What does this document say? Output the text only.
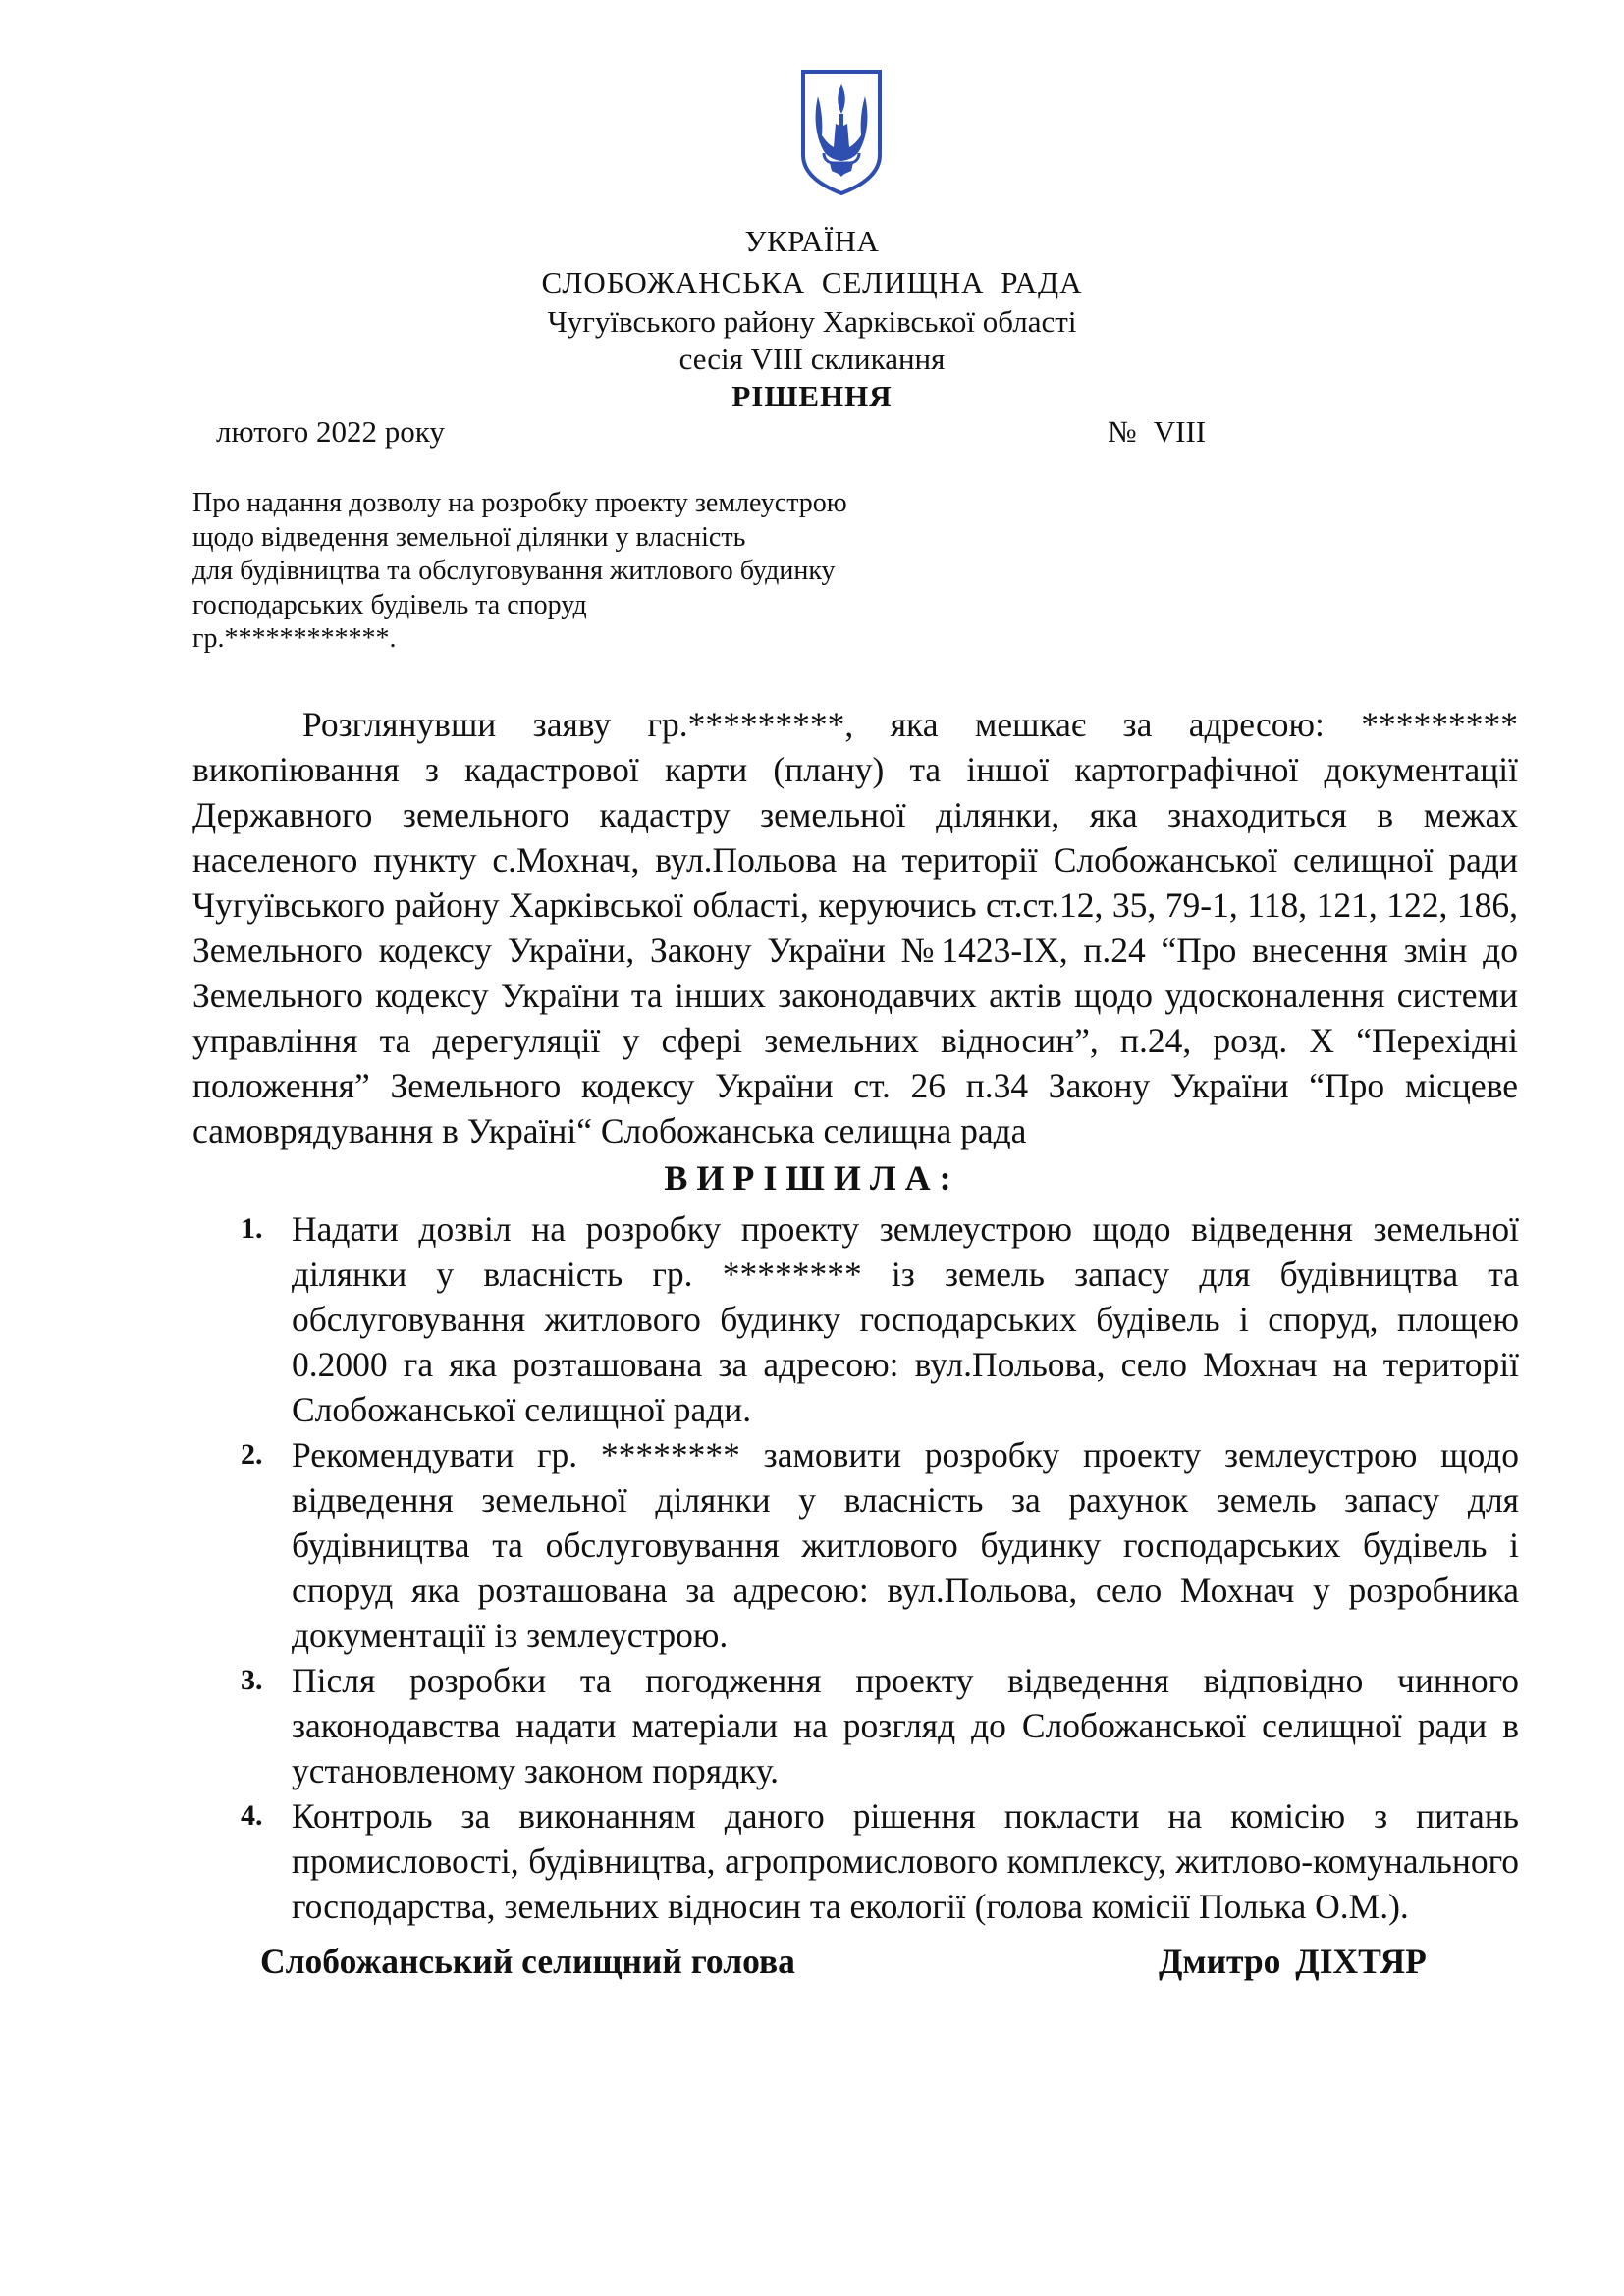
УКРАЇНА
СЛОБОЖАНСЬКА СЕЛИЩНА РАДА
Чугуївського району Харківської області
сесія VIII скликання
РІШЕННЯ
лютого 2022 року	№ VIII
Про надання дозволу на розробку проекту землеустрою
щодо відведення земельної ділянки у власність
для будівництва та обслуговування житлового будинку
господарських будівель та споруд
гр.************.

Розглянувши заяву гр.*********, яка мешкає за адресою: ********* викопіювання з кадастрової карти (плану) та іншої картографічної документації Державного земельного кадастру земельної ділянки, яка знаходиться в межах населеного пункту с.Мохнач, вул.Польова на території Слобожанської селищної ради Чугуївського району Харківської області, керуючись ст.ст.12, 35, 79-1, 118, 121, 122, 186, Земельного кодексу України, Закону України №1423-IX, п.24 “Про внесення змін до Земельного кодексу України та інших законодавчих актів щодо удосконалення системи управління та дерегуляції у сфері земельних відносин”, п.24, розд. Х “Перехідні положення” Земельного кодексу України ст. 26 п.34 Закону України “Про місцеве самоврядування в Україні“ Слобожанська селищна рада

ВИРІШИЛА:
1. Надати дозвіл на розробку проекту землеустрою щодо відведення земельної ділянки у власність гр. ******** із земель запасу для будівництва та обслуговування житлового будинку господарських будівель і споруд, площею 0.2000 га яка розташована за адресою: вул.Польова, село Мохнач на території Слобожанської селищної ради.
2. Рекомендувати гр. ******** замовити розробку проекту землеустрою щодо відведення земельної ділянки у власність за рахунок земель запасу для будівництва та обслуговування житлового будинку господарських будівель і споруд яка розташована за адресою: вул.Польова, село Мохнач у розробника документації із землеустрою.
3. Після розробки та погодження проекту відведення відповідно чинного законодавства надати матеріали на розгляд до Слобожанської селищної ради в установленому законом порядку.
4. Контроль за виконанням даного рішення покласти на комісію з питань промисловості, будівництва, агропромислового комплексу, житлово-комунального господарства, земельних відносин та екології (голова комісії Полька О.М.).
Слобожанський селищний голова	Дмитро ДІХТЯР
